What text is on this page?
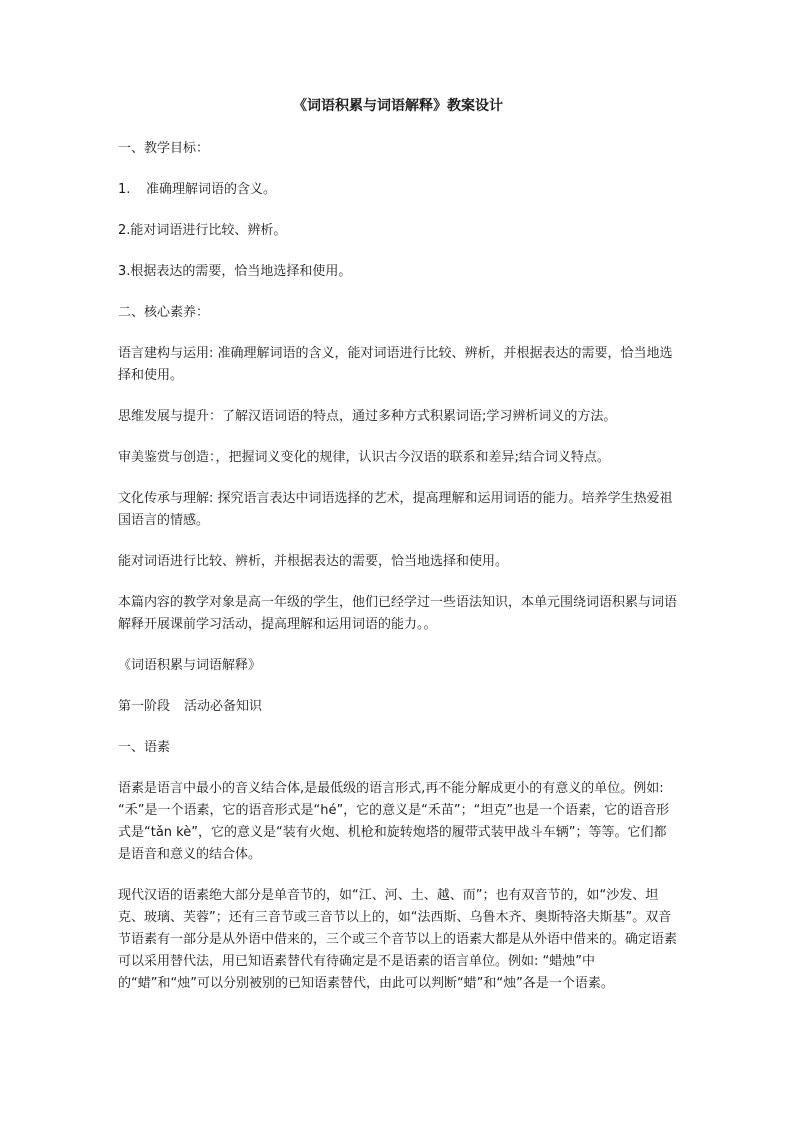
《词语积累与词语解释》教案设计
一、教学目标：
1. 准确理解词语的含义。
2.能对词语进行比较、辨析。
3.根据表达的需要，恰当地选择和使用。
二、核心素养：
语言建构与运用: 准确理解词语的含义，能对词语进行比较、辨析，并根据表达的需要，恰当地选择和使用。
思维发展与提升：了解汉语词语的特点，通过多种方式积累词语;学习辨析词义的方法。
审美鉴赏与创造：，把握词义变化的规律，认识古今汉语的联系和差异;结合词义特点。
文化传承与理解: 探究语言表达中词语选择的艺术，提高理解和运用词语的能力。培养学生热爱祖国语言的情感。
能对词语进行比较、辨析，并根据表达的需要，恰当地选择和使用。
本篇内容的教学对象是高一年级的学生，他们已经学过一些语法知识，本单元围绕词语积累与词语解释开展课前学习活动，提高理解和运用词语的能力。。
《词语积累与词语解释》
第一阶段 活动必备知识
一、语素
语素是语言中最小的音义结合体,是最低级的语言形式,再不能分解成更小的有意义的单位。例如: “禾”是一个语素，它的语音形式是“hé”，它的意义是“禾苗”；“坦克”也是一个语素，它的语音形式是“tǎn kè”，它的意义是“装有火炮、机枪和旋转炮塔的履带式装甲战斗车辆”；等等。它们都是语音和意义的结合体。
现代汉语的语素绝大部分是单音节的，如“江、河、土、越、而”；也有双音节的，如“沙发、坦克、玻璃、芙蓉”；还有三音节或三音节以上的，如“法西斯、乌鲁木齐、奥斯特洛夫斯基”。双音节语素有一部分是从外语中借来的，三个或三个音节以上的语素大都是从外语中借来的。确定语素可以采用替代法，用已知语素替代有待确定是不是语素的语言单位。例如: “蜡烛”中的“蜡”和“烛”可以分别被别的已知语素替代，由此可以判断“蜡”和“烛”各是一个语素。
